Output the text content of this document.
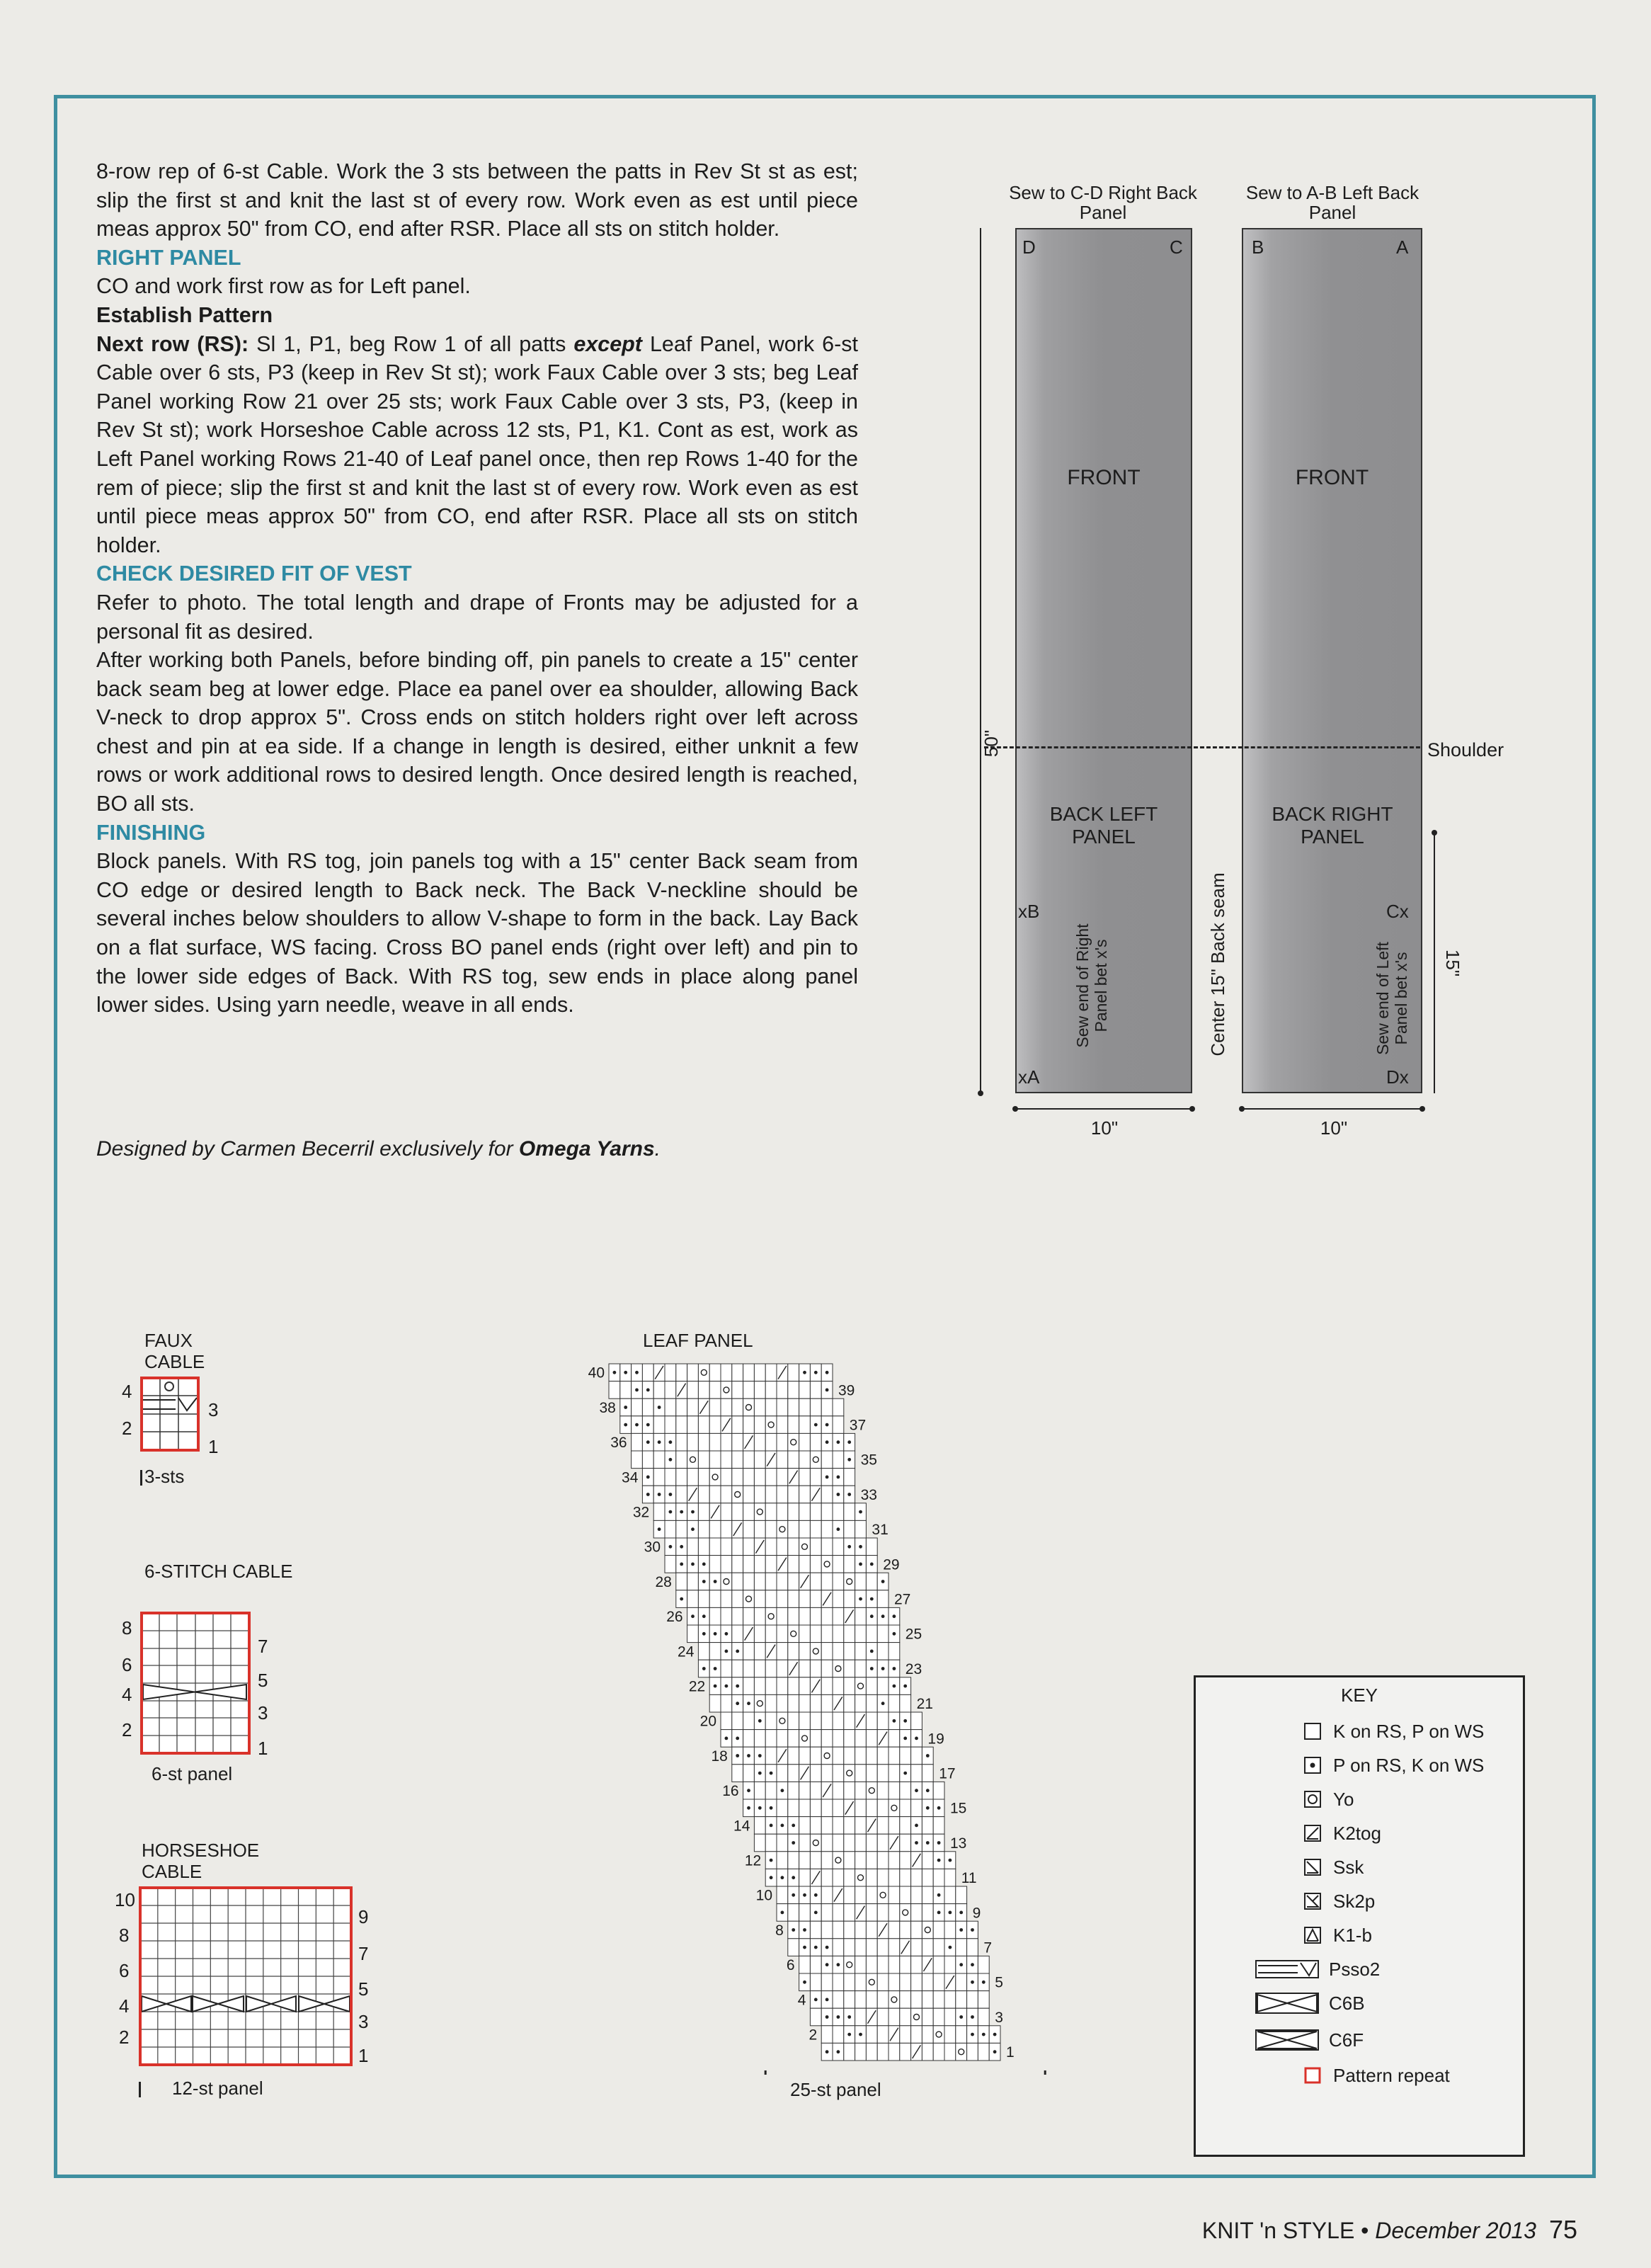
8-row rep of 6-st Cable. Work the 3 sts between the patts in Rev St st as est; slip the first st and knit the last st of every row. Work even as est until piece meas approx 50" from CO, end after RSR. Place all sts on stitch holder.

RIGHT PANEL

CO and work first row as for Left panel.

Establish Pattern

Next row (RS): Sl 1, P1, beg Row 1 of all patts except Leaf Panel, work 6-st Cable over 6 sts, P3 (keep in Rev St st); work Faux Cable over 3 sts; beg Leaf Panel working Row 21 over 25 sts; work Faux Cable over 3 sts, P3, (keep in Rev St st); work Horseshoe Cable across 12 sts, P1, K1. Cont as est, work as Left Panel working Rows 21-40 of Leaf panel once, then rep Rows 1-40 for the rem of piece; slip the first st and knit the last st of every row. Work even as est until piece meas approx 50" from CO, end after RSR. Place all sts on stitch holder.

CHECK DESIRED FIT OF VEST

Refer to photo. The total length and drape of Fronts may be adjusted for a personal fit as desired.

After working both Panels, before binding off, pin panels to create a 15" center back seam beg at lower edge. Place ea panel over ea shoulder, allowing Back V-neck to drop approx 5". Cross ends on stitch holders right over left across chest and pin at ea side. If a change in length is desired, either unknit a few rows or work additional rows to desired length. Once desired length is reached, BO all sts.

FINISHING

Block panels. With RS tog, join panels tog with a 15" center Back seam from CO edge or desired length to Back neck. The Back V-neckline should be several inches below shoulders to allow V-shape to form in the back. Lay Back on a flat surface, WS facing. Cross BO panel ends (right over left) and pin to the lower side edges of Back. With RS tog, sew ends in place along panel lower sides. Using yarn needle, weave in all ends.

Designed by Carmen Becerril exclusively for Omega Yarns.
Sew to C-D Right Back Panel
Sew to A-B Left Back Panel
D	C	B	A
FRONT	FRONT
Shoulder
BACK LEFT PANEL
BACK RIGHT PANEL
xB
xA
Cx
Dx
Sew end of Right Panel bet x's	Sew end of Left Panel bet x's
Center 15" Back seam
50"
15"
10"	10"
FAUX CABLE
4
2
3
1
3-sts
6-STITCH CABLE
8
6
4
2
7
5
3
1
6-st panel
HORSESHOE CABLE
10
8
6
4
2
9
7
5
3
1
12-st panel
LEAF PANEL
40
39
38
37
36
35
34
33
32
31
30
29
28
27
26
25
24
23
22
21
20
19
18
17
16
15
14
13
12
11
10
9
8
7
6
5
4
3
2
1
25-st panel
KEY
K on RS, P on WS
P on RS, K on WS
Yo
K2tog
Ssk
Sk2p
K1-b
Psso2
C6B
C6F
Pattern repeat
KNIT 'n STYLE • December 2013 75
